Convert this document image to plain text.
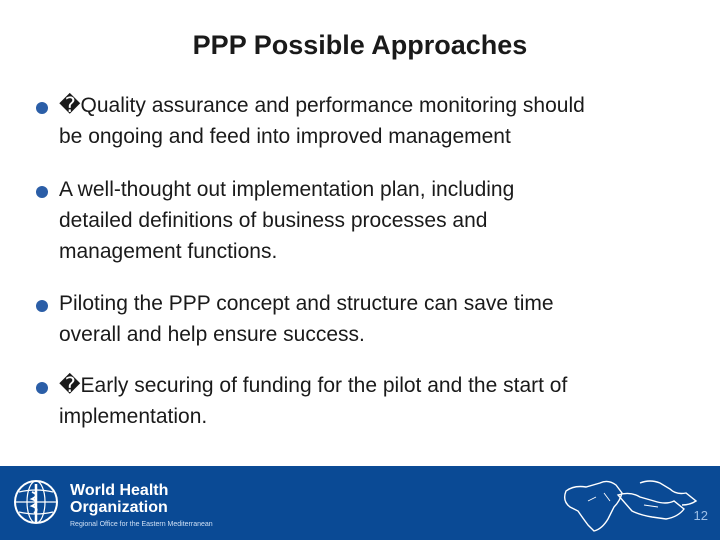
PPP Possible Approaches
�Quality assurance and performance monitoring should
be ongoing and feed into improved management
A well-thought out implementation plan, including
detailed definitions of business processes and
management functions.
Piloting the PPP concept and structure can save time
overall and help ensure success.
�Early securing of funding for the pilot and the start of
implementation.
World Health
Organization
Regional Office for the Eastern Mediterranean
12
